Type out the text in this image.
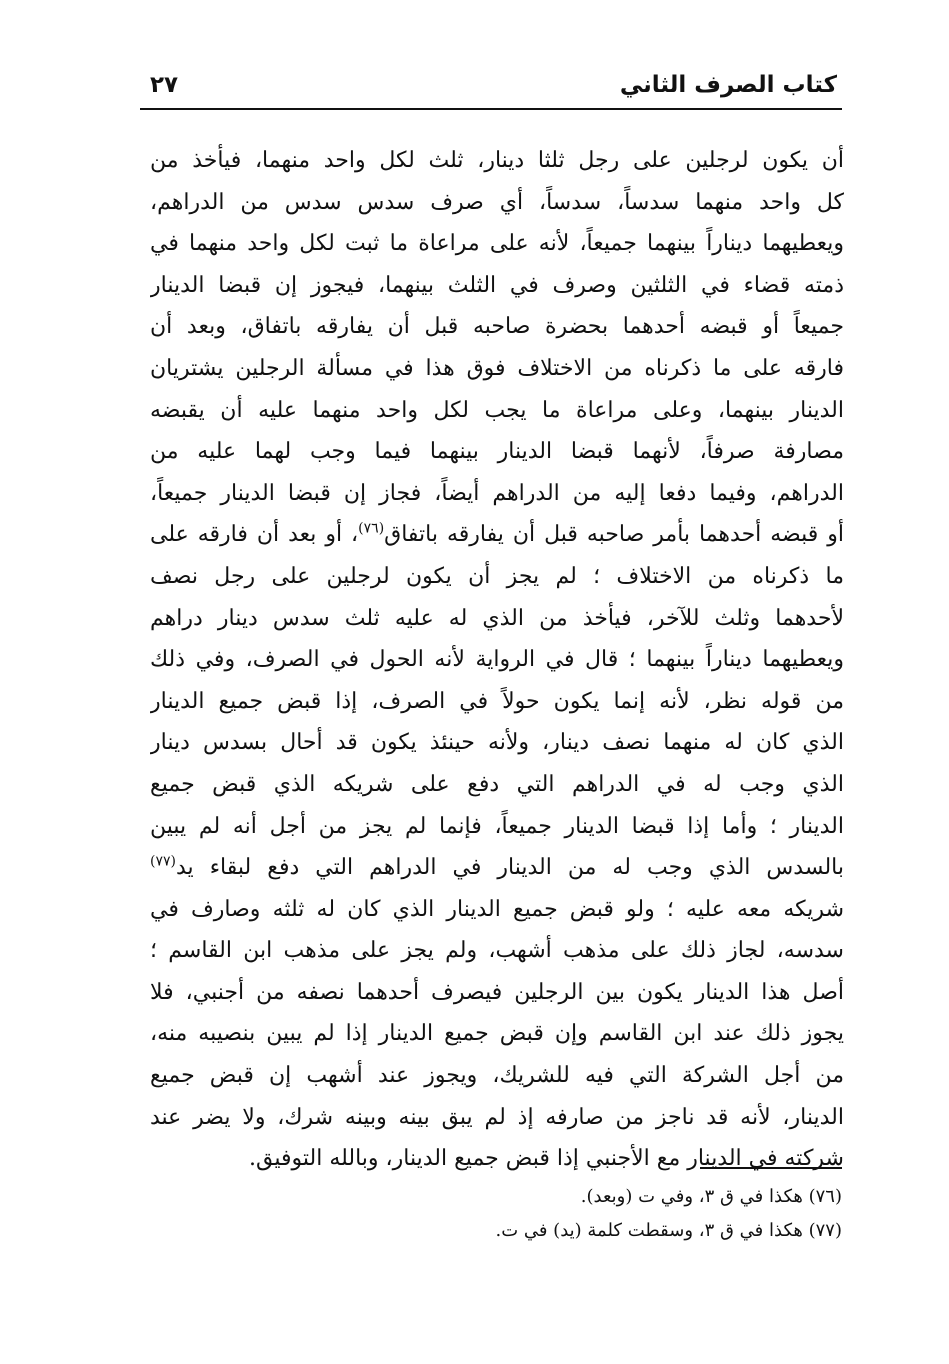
كتاب الصرف الثاني
٢٧
أن يكون لرجلين على رجل ثلثا دينار، ثلث لكل واحد منهما، فيأخذ من
كل واحد منهما سدساً، سدساً، أي صرف سدس سدس من الدراهم،
ويعطيهما ديناراً بينهما جميعاً، لأنه على مراعاة ما ثبت لكل واحد منهما في
ذمته قضاء في الثلثين وصرف في الثلث بينهما، فيجوز إن قبضا الدينار
جميعاً أو قبضه أحدهما بحضرة صاحبه قبل أن يفارقه باتفاق، وبعد أن
فارقه على ما ذكرناه من الاختلاف فوق هذا في مسألة الرجلين يشتريان
الدينار بينهما، وعلى مراعاة ما يجب لكل واحد منهما عليه أن يقبضه
مصارفة صرفاً، لأنهما قبضا الدينار بينهما فيما وجب لهما عليه من
الدراهم، وفيما دفعا إليه من الدراهم أيضاً، فجاز إن قبضا الدينار جميعاً،
أو قبضه أحدهما بأمر صاحبه قبل أن يفارقه باتفاق$^{(٧٦)}$، أو بعد أن فارقه على
ما ذكرناه من الاختلاف ؛ لم يجز أن يكون لرجلين على رجل نصف
لأحدهما وثلث للآخر، فيأخذ من الذي له عليه ثلث سدس دينار دراهم
ويعطيهما ديناراً بينهما ؛ قال في الرواية لأنه الحول في الصرف، وفي ذلك
من قوله نظر، لأنه إنما يكون حولاً في الصرف، إذا قبض جميع الدينار
الذي كان له منهما نصف دينار، ولأنه حينئذ يكون قد أحال بسدس دينار
الذي وجب له في الدراهم التي دفع على شريكه الذي قبض جميع
الدينار ؛ وأما إذا قبضا الدينار جميعاً، فإنما لم يجز من أجل أنه لم يبين
بالسدس الذي وجب له من الدينار في الدراهم التي دفع لبقاء يد$^{(٧٧)}$
شريكه معه عليه ؛ ولو قبض جميع الدينار الذي كان له ثلثه وصارف في
سدسه، لجاز ذلك على مذهب أشهب، ولم يجز على مذهب ابن القاسم ؛
أصل هذا الدينار يكون بين الرجلين فيصرف أحدهما نصفه من أجنبي، فلا
يجوز ذلك عند ابن القاسم وإن قبض جميع الدينار إذا لم يبين بنصيبه منه،
من أجل الشركة التي فيه للشريك، ويجوز عند أشهب إن قبض جميع
الدينار، لأنه قد ناجز من صارفه إذ لم يبق بينه وبينه شرك، ولا يضر عند
شركته في الدينار مع الأجنبي إذا قبض جميع الدينار، وبالله التوفيق.
(٧٦) هكذا في ق ٣، وفي ت (وبعد).
(٧٧) هكذا في ق ٣، وسقطت كلمة (يد) في ت.
